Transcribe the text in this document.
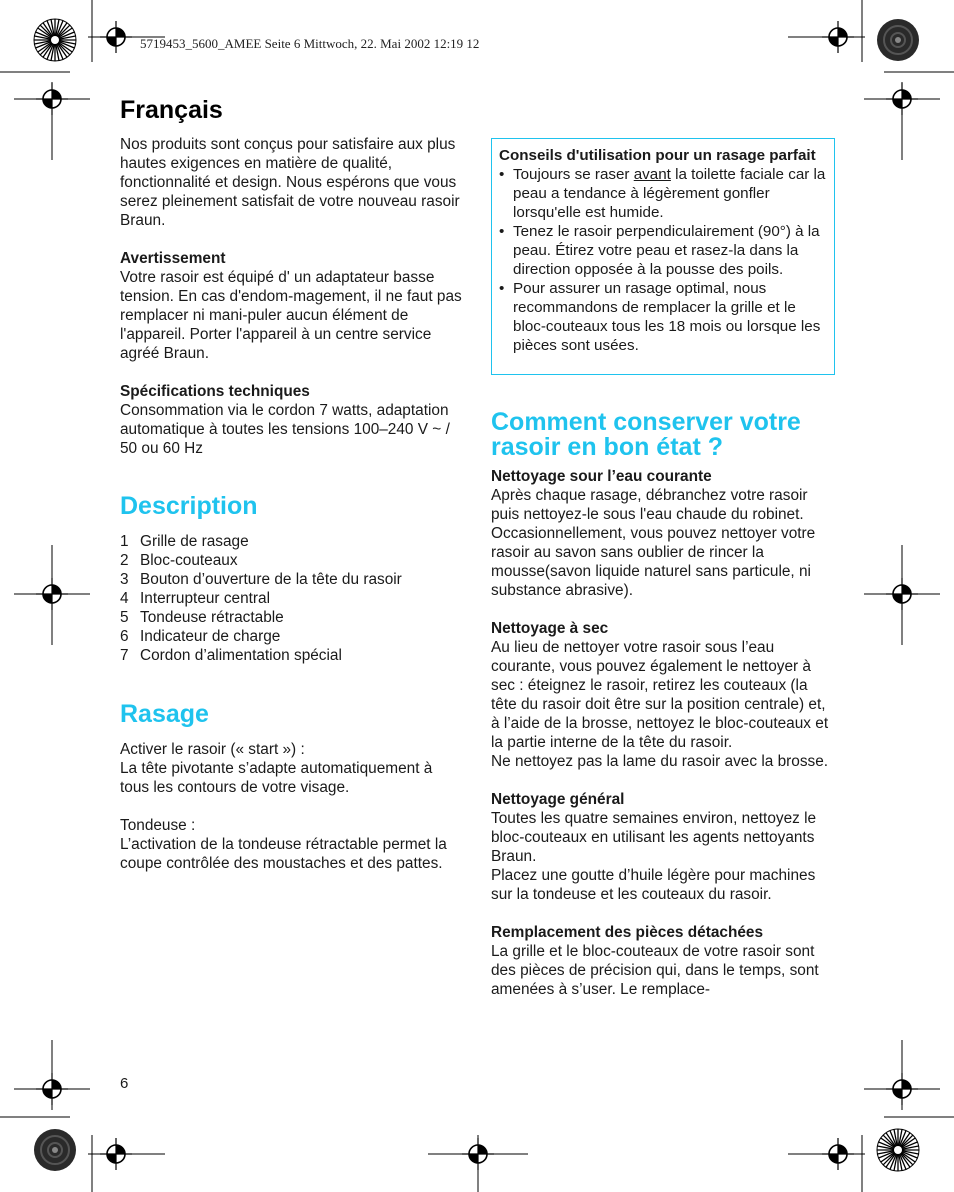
5719453_5600_AMEE Seite 6 Mittwoch, 22. Mai 2002 12:19 12
Français

Nos produits sont conçus pour satisfaire aux plus hautes exigences en matière de qualité, fonctionnalité et design. Nous espérons que vous serez pleinement satisfait de votre nouveau rasoir Braun.

Avertissement

Votre rasoir est équipé d' un adaptateur basse tension. En cas d'endom-magement, il ne faut pas remplacer ni mani-puler aucun élément de l'appareil. Porter l'appareil à un centre service agréé Braun.

Spécifications techniques

Consommation via le cordon 7 watts, adaptation automatique à toutes les tensions 100–240 V ~ / 50 ou 60 Hz

Description
1 Grille de rasage
2 Bloc-couteaux
3 Bouton d’ouverture de la tête du rasoir
4 Interrupteur central
5 Tondeuse rétractable
6 Indicateur de charge
7 Cordon d’alimentation spécial
Rasage

Activer le rasoir (« start ») :

La tête pivotante s’adapte automatiquement à tous les contours de votre visage.

Tondeuse :

L’activation de la tondeuse rétractable permet la coupe contrôlée des moustaches et des pattes.

Conseils d'utilisation pour un rasage parfait
• Toujours se raser avant la toilette faciale car la peau a tendance à légèrement gonfler lorsqu'elle est humide.
• Tenez le rasoir perpendiculairement (90°) à la peau. Étirez votre peau et rasez-la dans la direction opposée à la pousse des poils.
• Pour assurer un rasage optimal, nous recommandons de remplacer la grille et le bloc-couteaux tous les 18 mois ou lorsque les pièces sont usées.
Comment conserver votre rasoir en bon état ?

Nettoyage sour l’eau courante

Après chaque rasage, débranchez votre rasoir puis nettoyez-le sous l'eau chaude du robinet. Occasionnellement, vous pouvez nettoyer votre rasoir au savon sans oublier de rincer la mousse(savon liquide naturel sans particule, ni substance abrasive).

Nettoyage à sec

Au lieu de nettoyer votre rasoir sous l’eau courante, vous pouvez également le nettoyer à sec : éteignez le rasoir, retirez les couteaux (la tête du rasoir doit être sur la position centrale) et, à l’aide de la brosse, nettoyez le bloc-couteaux et la partie interne de la tête du rasoir.

Ne nettoyez pas la lame du rasoir avec la brosse.

Nettoyage général

Toutes les quatre semaines environ, nettoyez le bloc-couteaux en utilisant les agents nettoyants Braun.

Placez une goutte d’huile légère pour machines sur la tondeuse et les couteaux du rasoir.

Remplacement des pièces détachées

La grille et le bloc-couteaux de votre rasoir sont des pièces de précision qui, dans le temps, sont amenées à s’user. Le remplace-

6
